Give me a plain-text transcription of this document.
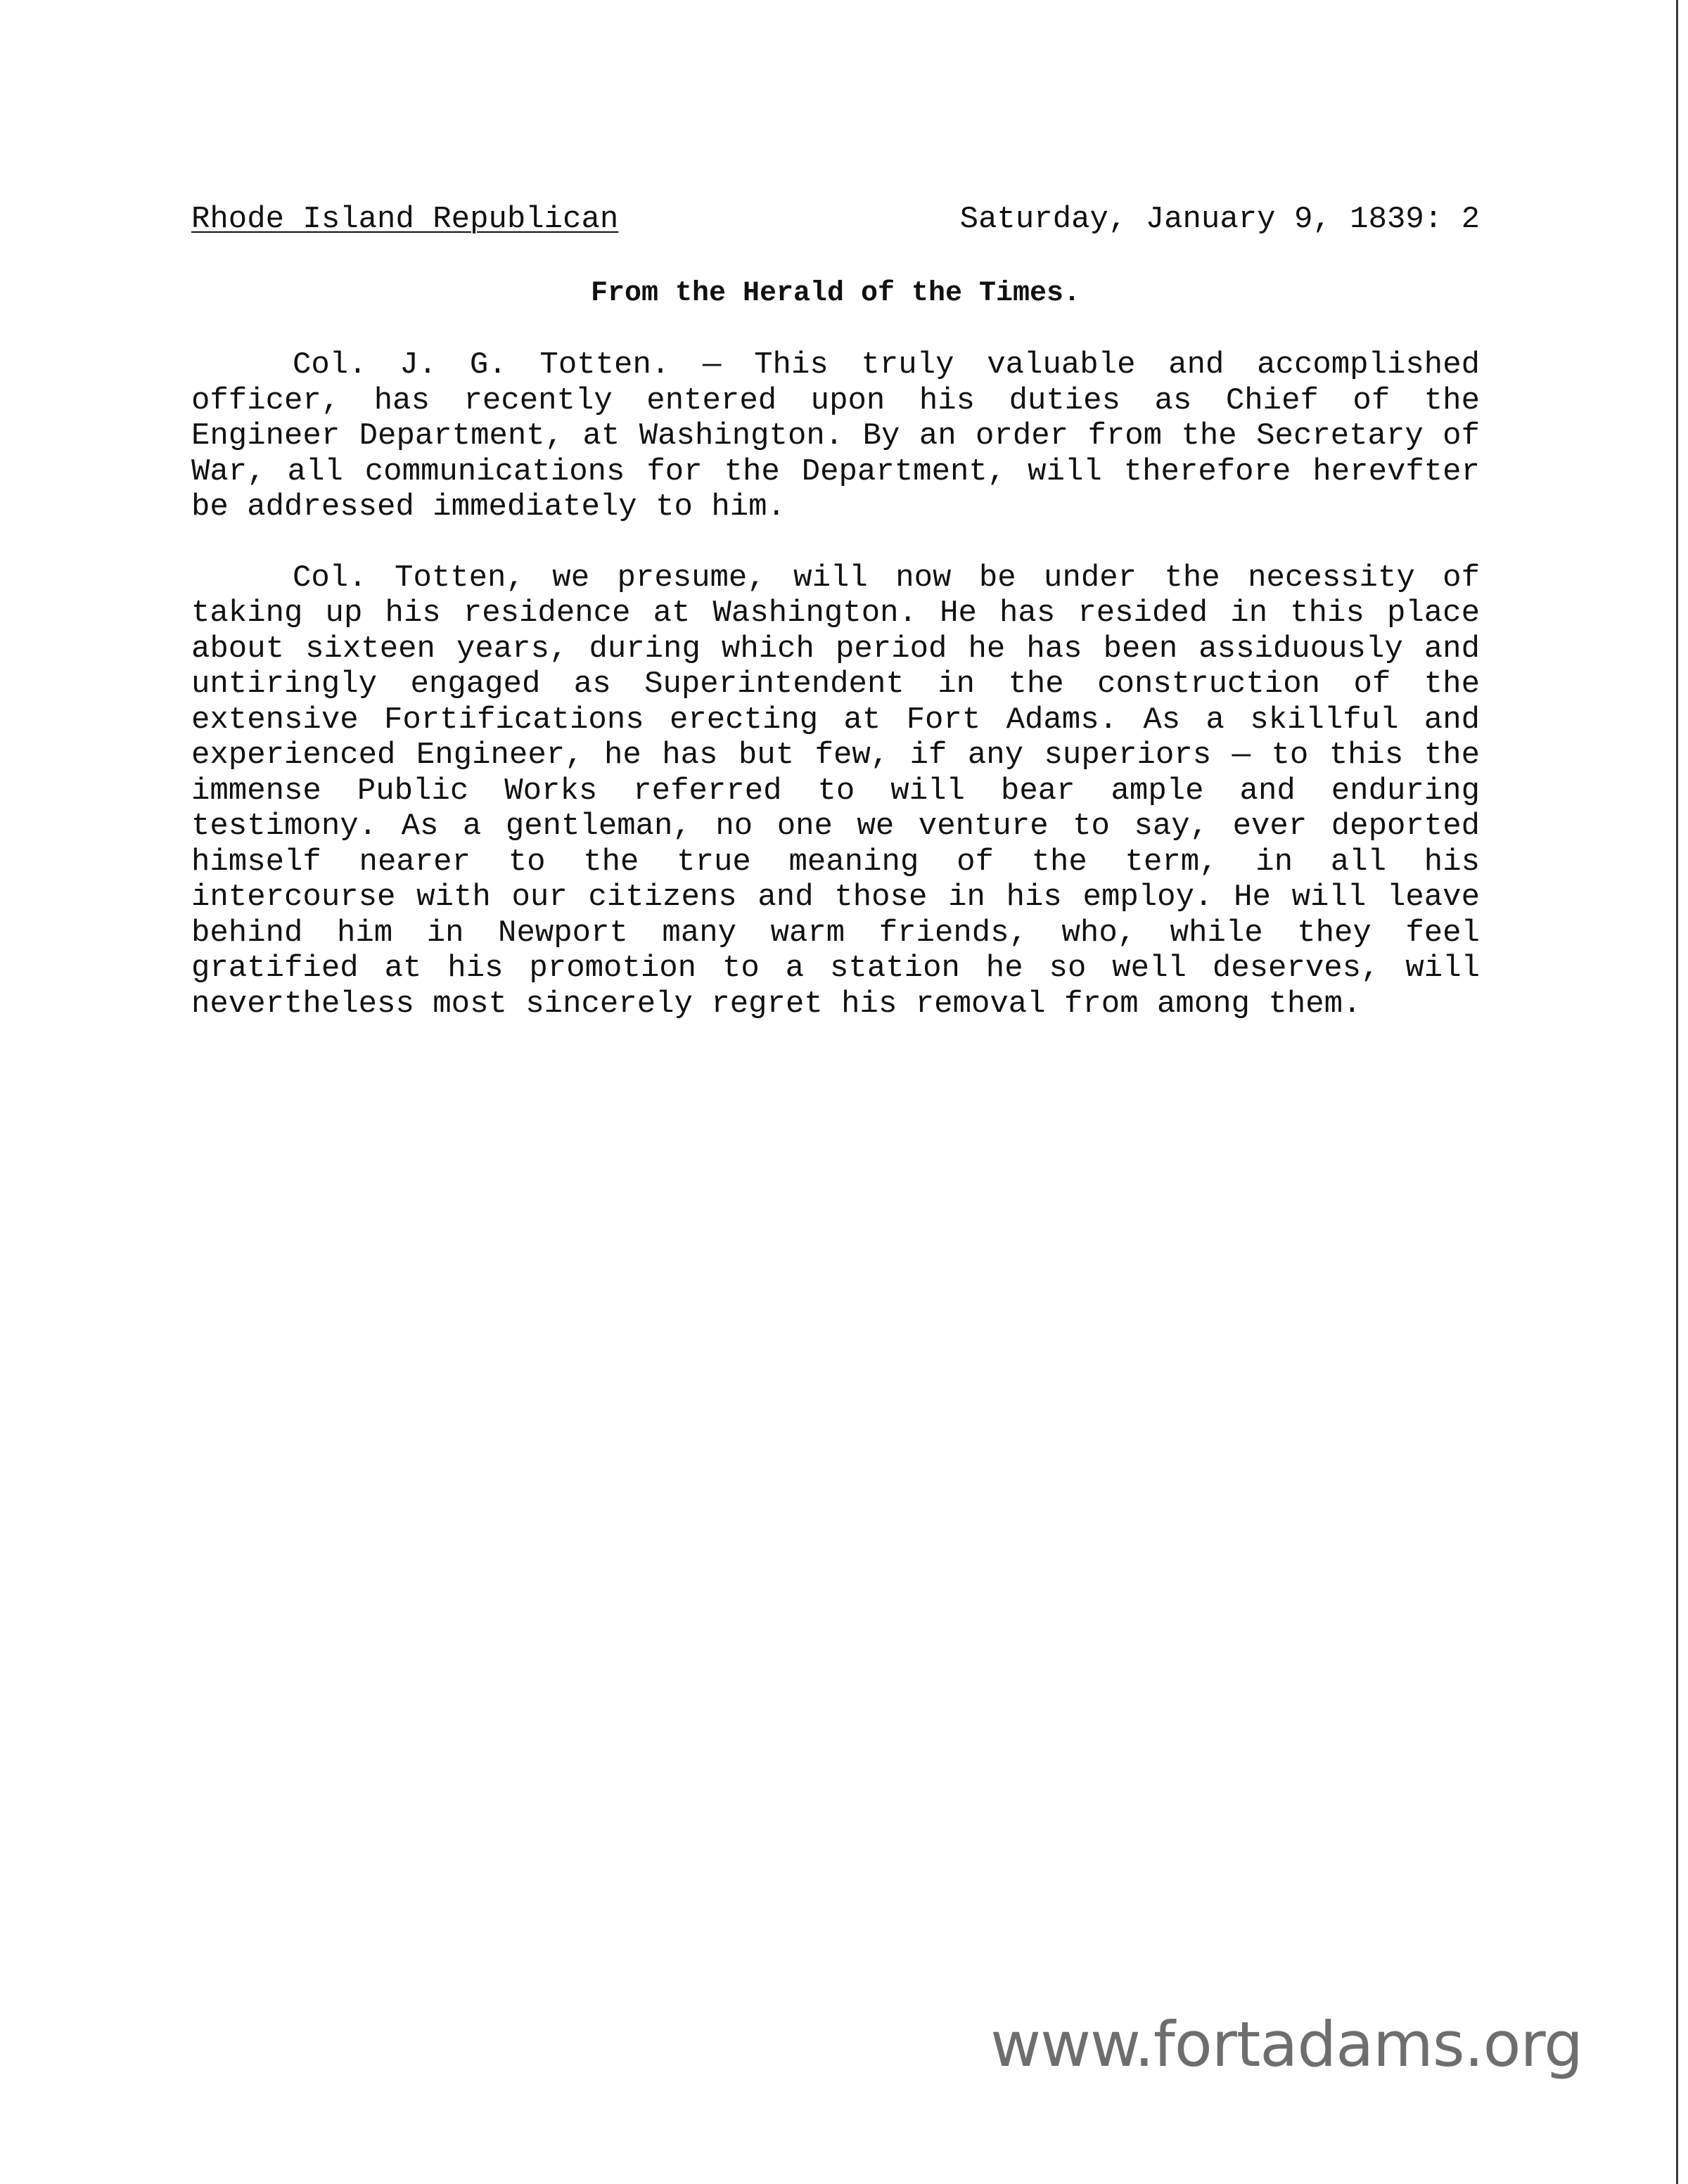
Rhode Island Republican	Saturday, January 9, 1839: 2
From the Herald of the Times.

Col. J. G. Totten. — This truly valuable and accomplished officer, has recently entered upon his duties as Chief of the Engineer Department, at Washington. By an order from the Secretary of War, all communications for the Department, will therefore herevfter be addressed immediately to him.

Col. Totten, we presume, will now be under the necessity of taking up his residence at Washington. He has resided in this place about sixteen years, during which period he has been assiduously and untiringly engaged as Superintendent in the construction of the extensive Fortifications erecting at Fort Adams. As a skillful and experienced Engineer, he has but few, if any superiors — to this the immense Public Works referred to will bear ample and enduring testimony. As a gentleman, no one we venture to say, ever deported himself nearer to the true meaning of the term, in all his intercourse with our citizens and those in his employ. He will leave behind him in Newport many warm friends, who, while they feel gratified at his promotion to a station he so well deserves, will nevertheless most sincerely regret his removal from among them.

www.fortadams.org
